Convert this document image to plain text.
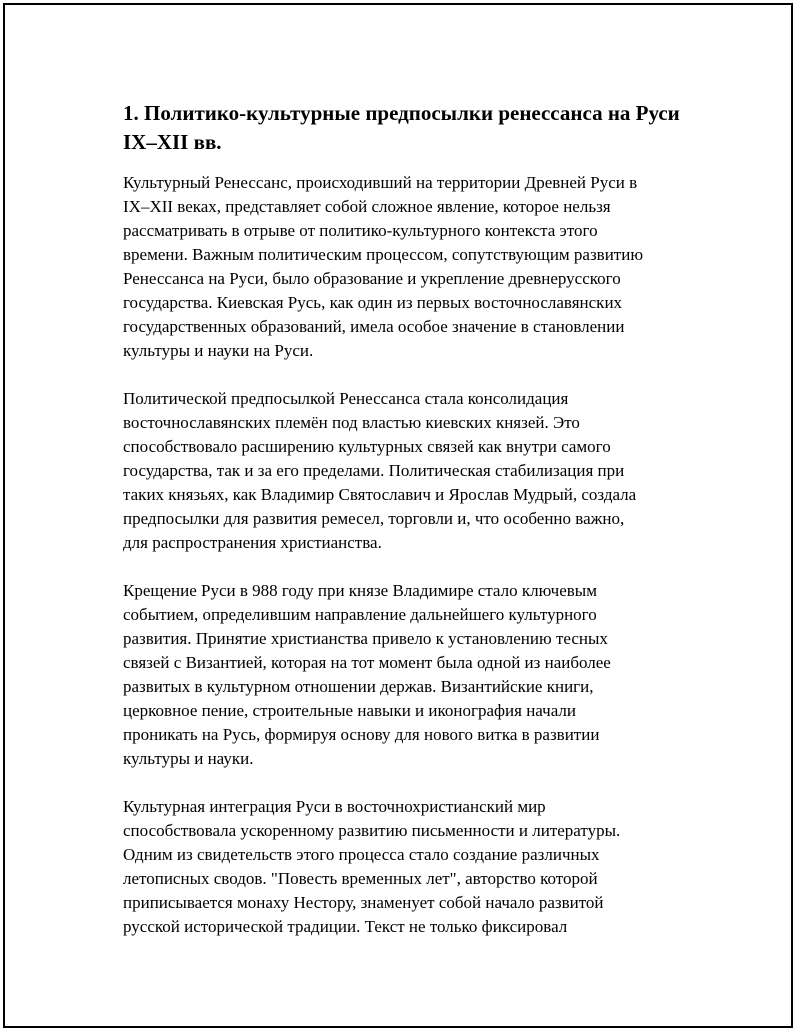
1. Политико-культурные предпосылки ренессанса на Руси
IX–XII вв.

Культурный Ренессанс, происходивший на территории Древней Руси в
IX–XII веках, представляет собой сложное явление, которое нельзя
рассматривать в отрыве от политико-культурного контекста этого
времени. Важным политическим процессом, сопутствующим развитию
Ренессанса на Руси, было образование и укрепление древнерусского
государства. Киевская Русь, как один из первых восточнославянских
государственных образований, имела особое значение в становлении
культуры и науки на Руси.

Политической предпосылкой Ренессанса стала консолидация
восточнославянских племён под властью киевских князей. Это
способствовало расширению культурных связей как внутри самого
государства, так и за его пределами. Политическая стабилизация при
таких князьях, как Владимир Святославич и Ярослав Мудрый, создала
предпосылки для развития ремесел, торговли и, что особенно важно,
для распространения христианства.

Крещение Руси в 988 году при князе Владимире стало ключевым
событием, определившим направление дальнейшего культурного
развития. Принятие христианства привело к установлению тесных
связей с Византией, которая на тот момент была одной из наиболее
развитых в культурном отношении держав. Византийские книги,
церковное пение, строительные навыки и иконография начали
проникать на Русь, формируя основу для нового витка в развитии
культуры и науки.

Культурная интеграция Руси в восточнохристианский мир
способствовала ускоренному развитию письменности и литературы.
Одним из свидетельств этого процесса стало создание различных
летописных сводов. "Повесть временных лет", авторство которой
приписывается монаху Нестору, знаменует собой начало развитой
русской исторической традиции. Текст не только фиксировал
